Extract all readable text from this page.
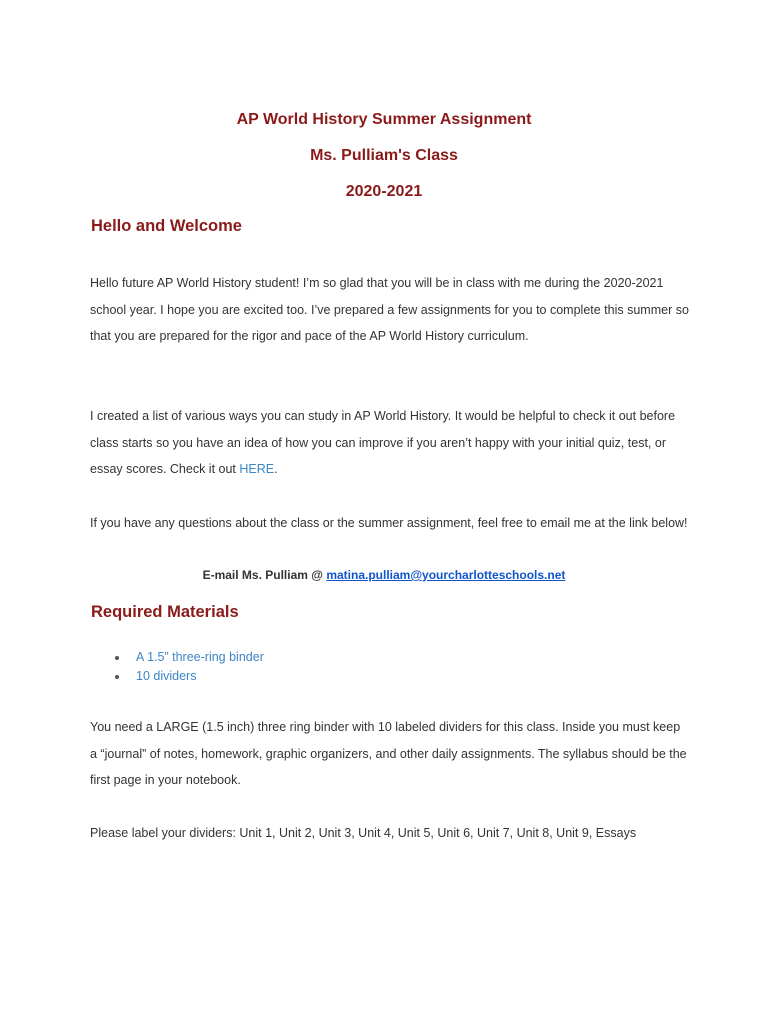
AP World History Summer Assignment
Ms. Pulliam's Class
2020-2021
Hello and Welcome
Hello future AP World History student! I’m so glad that you will be in class with me during the 2020-2021 school year. I hope you are excited too. I’ve prepared a few assignments for you to complete this summer so that you are prepared for the rigor and pace of the AP World History curriculum.
I created a list of various ways you can study in AP World History. It would be helpful to check it out before class starts so you have an idea of how you can improve if you aren’t happy with your initial quiz, test, or essay scores. Check it out HERE.
If you have any questions about the class or the summer assignment, feel free to email me at the link below!
E-mail Ms. Pulliam @ matina.pulliam@yourcharlotteschools.net
Required Materials
A 1.5” three-ring binder
10 dividers
You need a LARGE (1.5 inch) three ring binder with 10 labeled dividers for this class. Inside you must keep a “journal” of notes, homework, graphic organizers, and other daily assignments. The syllabus should be the first page in your notebook.
Please label your dividers: Unit 1, Unit 2, Unit 3, Unit 4, Unit 5, Unit 6, Unit 7, Unit 8, Unit 9, Essays
